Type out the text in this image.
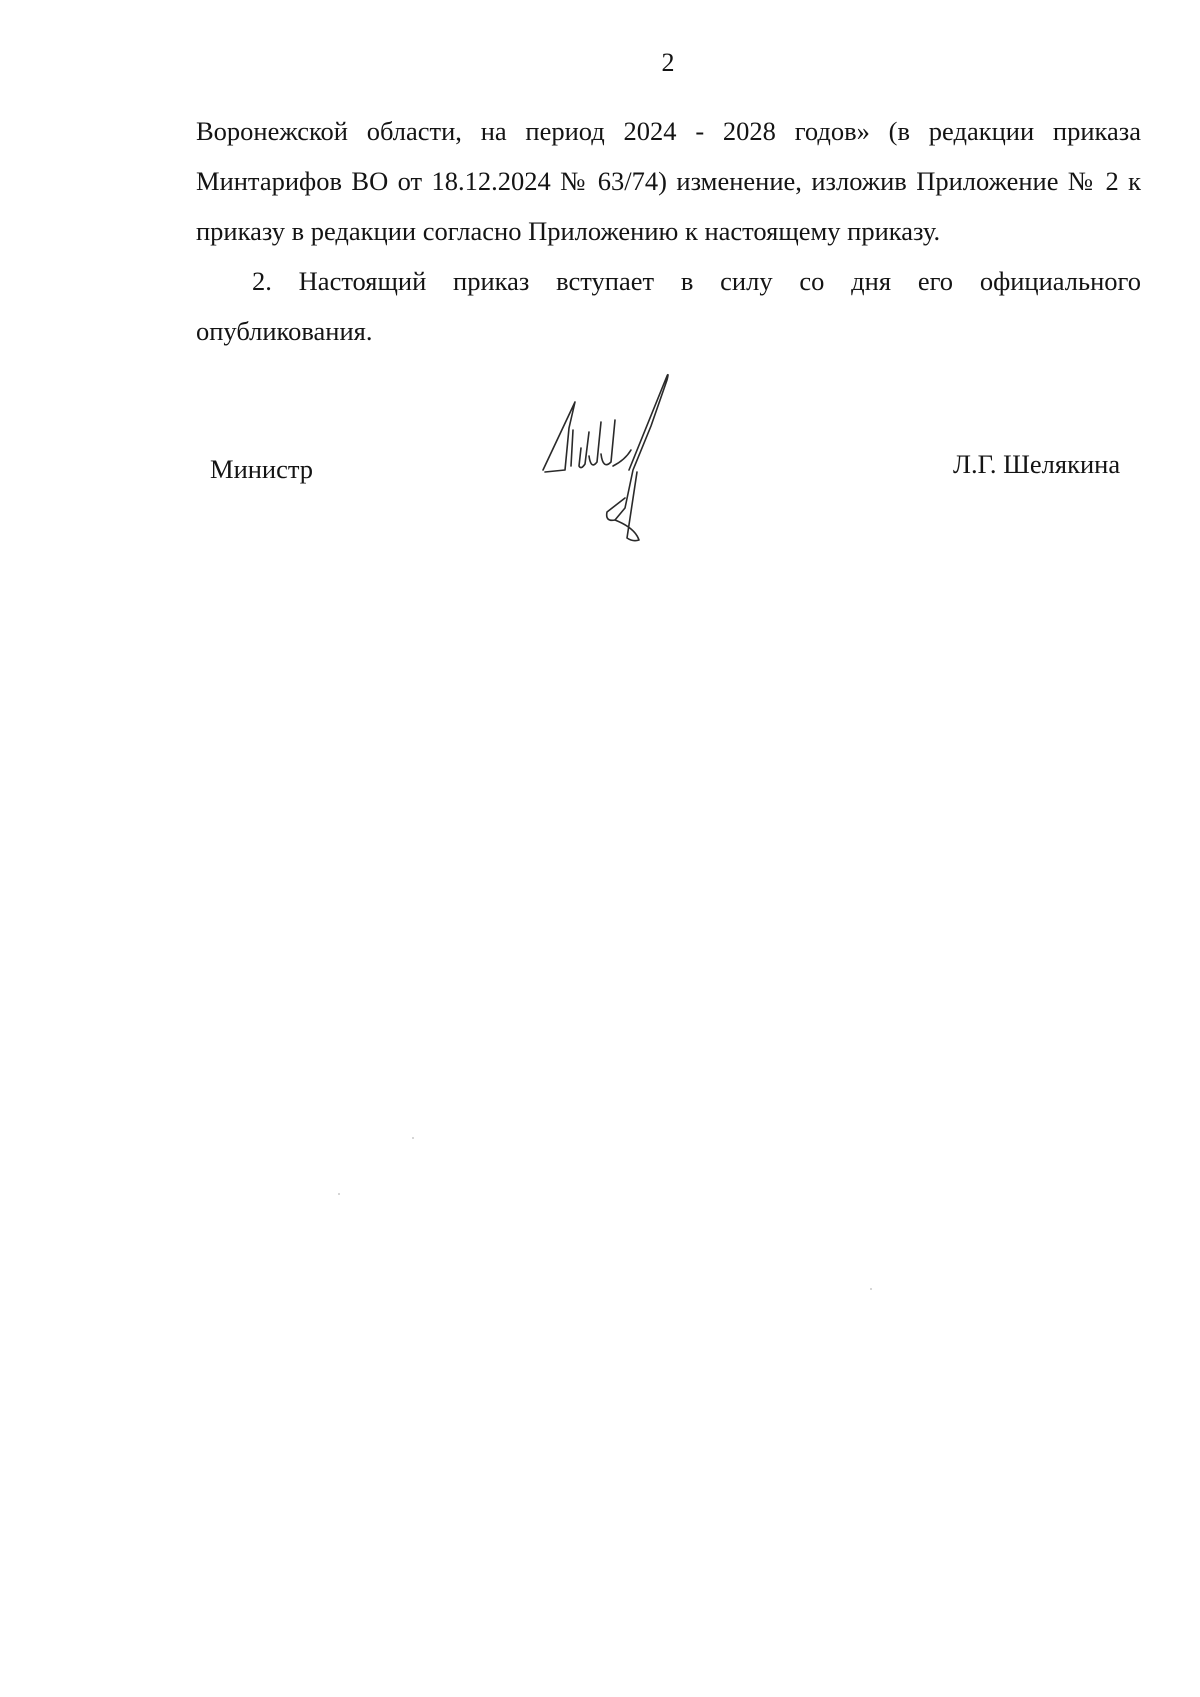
2

Воронежской области, на период 2024 - 2028 годов» (в редакции приказа Минтарифов ВО от 18.12.2024 № 63/74) изменение, изложив Приложение № 2 к приказу в редакции согласно Приложению к настоящему приказу.

2. Настоящий приказ вступает в силу со дня его официального опубликования.

Министр	Л.Г. Шелякина
